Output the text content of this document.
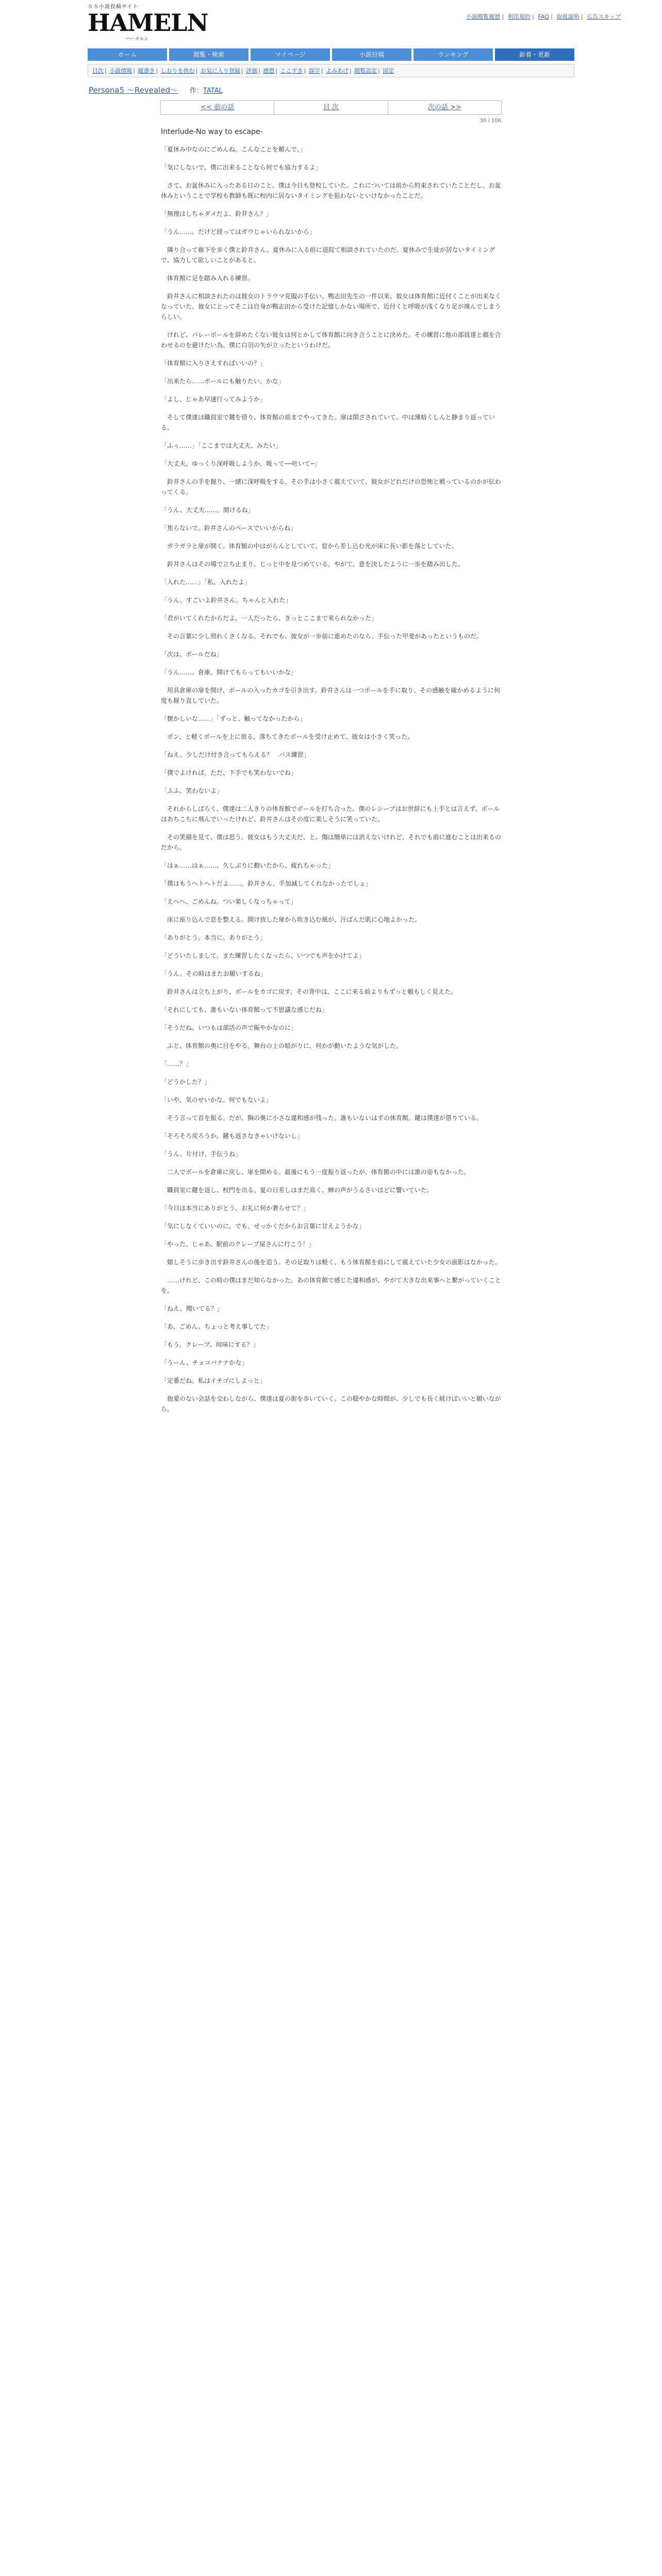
ＳＳ小説投稿サイト
HAMELN
ハーメルン
小説閲覧履歴 | 利用規約 | FAQ | 取扱説明 | 広告スキップ
ホーム	閲覧・検索	マイページ	小説投稿	ランキング	新着・更新
目次 | 小説情報 | 縦書き | しおりを挟む | お気に入り登録 | 評価 | 感想 | ここすき | 誤字 | よみあげ | 閲覧設定 | 固定
Persona5 ～Revealed～ 作：TATAL
<< 前の話	目 次	次の話 >>
30 / 106
Interlude-No way to escape-

「夏休み中なのにごめんね。こんなことを頼んで。」

「気にしないで。僕に出来ることなら何でも協力するよ」

　さて、お盆休みに入ったある日のこと。僕は今日も登校していた。これについては前から約束されていたことだし、お盆休みということで学校も教師も既に校内に居ないタイミングを狙わないといけなかったことだ。

「無理はしちゃダメだよ、鈴井さん？」

「うん……。だけど経ってはガウじゃいられないから」

　隣り合って廊下を歩く僕と鈴井さん。夏休みに入る前に退院て相談されていたのだ。夏休みで生徒が居ないタイミングで、協力して欲しいことがあると。

　体育館に足を踏み入れる練習。

　鈴井さんに相談されたのは彼女のトラウマ克服の手伝い。鴨志田先生の一件以来、彼女は体育館に近付くことが出来なくなっていた。彼女にとってそこは自身が鴨志田から受けた記憶しかない場所で、近付くと呼吸が浅くなり足が竦んでしまうらしい。

　けれど、バレーボールを辞めたくない彼女は何とかして体育館に向き合うことに決めた。その練習に他の部員達と顔を合わせるのを避けたい為、僕に白羽の矢が立ったというわけだ。

「体育館に入りさえすればいいの？」

「出来たら……ボールにも触りたい、かな」

「よし、じゃあ早速行ってみようか」

　そして僕達は職員室で鍵を借り、体育館の前までやってきた。扉は閉ざされていて、中は薄暗くしんと静まり返っている。

「ふぅ……」「ここまでは大丈夫、みたい」

「大丈夫、ゆっくり深呼吸しようか、吸って──吐いて─」

　鈴井さんの手を握り、一緒に深呼吸をする。その手は小さく震えていて、彼女がどれだけの恐怖と戦っているのかが伝わってくる。

「うん、大丈夫……。開けるね」

「焦らないで。鈴井さんのペースでいいからね」

　ガラガラと扉が開く。体育館の中はがらんとしていて、窓から差し込む光が床に長い影を落としていた。

　鈴井さんはその場で立ち止まり、じっと中を見つめている。やがて、意を決したように一歩を踏み出した。

「入れた……」「私、入れたよ」

「うん、すごいよ鈴井さん。ちゃんと入れた」

「君がいてくれたからだよ。一人だったら、きっとここまで来られなかった」

　その言葉に少し照れくさくなる。それでも、彼女が一歩前に進めたのなら、手伝った甲斐があったというものだ。

「次は、ボールだね」

「うん……。倉庫、開けてもらってもいいかな」

　用具倉庫の扉を開け、ボールの入ったカゴを引き出す。鈴井さんは一つボールを手に取り、その感触を確かめるように何度も握り直していた。

「懐かしいな……」「ずっと、触ってなかったから」

　ポン、と軽くボールを上に放る。落ちてきたボールを受け止めて、彼女は小さく笑った。

「ねえ、少しだけ付き合ってもらえる？　パス練習」

「僕でよければ。ただ、下手でも笑わないでね」

「ふふ、笑わないよ」

　それからしばらく、僕達は二人きりの体育館でボールを打ち合った。僕のレシーブはお世辞にも上手とは言えず、ボールはあちこちに飛んでいったけれど、鈴井さんはその度に楽しそうに笑っていた。

　その笑顔を見て、僕は思う。彼女はもう大丈夫だ、と。傷は簡単には消えないけれど、それでも前に進むことは出来るのだから。

「はぁ……はぁ……。久しぶりに動いたから、疲れちゃった」

「僕はもうヘトヘトだよ……。鈴井さん、手加減してくれなかったでしょ」

「えへへ、ごめんね。つい楽しくなっちゃって」

　床に座り込んで息を整える。開け放した扉から吹き込む風が、汗ばんだ肌に心地よかった。

「ありがとう。本当に、ありがとう」

「どういたしまして。また練習したくなったら、いつでも声をかけてよ」

「うん。その時はまたお願いするね」

　鈴井さんは立ち上がり、ボールをカゴに戻す。その背中は、ここに来る前よりもずっと頼もしく見えた。

「それにしても、誰もいない体育館って不思議な感じだね」

「そうだね。いつもは部活の声で賑やかなのに」

　ふと、体育館の奥に目をやる。舞台の上の暗がりに、何かが動いたような気がした。

「……？」

「どうかした？」

「いや、気のせいかな。何でもないよ」

　そう言って首を振る。だが、胸の奥に小さな違和感が残った。誰もいないはずの体育館。鍵は僕達が借りている。

「そろそろ戻ろうか。鍵も返さなきゃいけないし」

「うん。片付け、手伝うね」

　二人でボールを倉庫に戻し、扉を閉める。最後にもう一度振り返ったが、体育館の中には誰の姿もなかった。

　職員室に鍵を返し、校門を出る。夏の日差しはまだ高く、蝉の声がうるさいほどに響いていた。

「今日は本当にありがとう。お礼に何か奢らせて？」

「気にしなくていいのに。でも、せっかくだからお言葉に甘えようかな」

「やった。じゃあ、駅前のクレープ屋さんに行こう！」

　嬉しそうに歩き出す鈴井さんの後を追う。その足取りは軽く、もう体育館を前にして震えていた少女の面影はなかった。

　……けれど、この時の僕はまだ知らなかった。あの体育館で感じた違和感が、やがて大きな出来事へと繋がっていくことを。

「ねえ、聞いてる？」

「あ、ごめん。ちょっと考え事してた」

「もう。クレープ、何味にする？」

「うーん、チョコバナナかな」

「定番だね。私はイチゴにしよっと」

　他愛のない会話を交わしながら、僕達は夏の街を歩いていく。この穏やかな時間が、少しでも長く続けばいいと願いながら。
